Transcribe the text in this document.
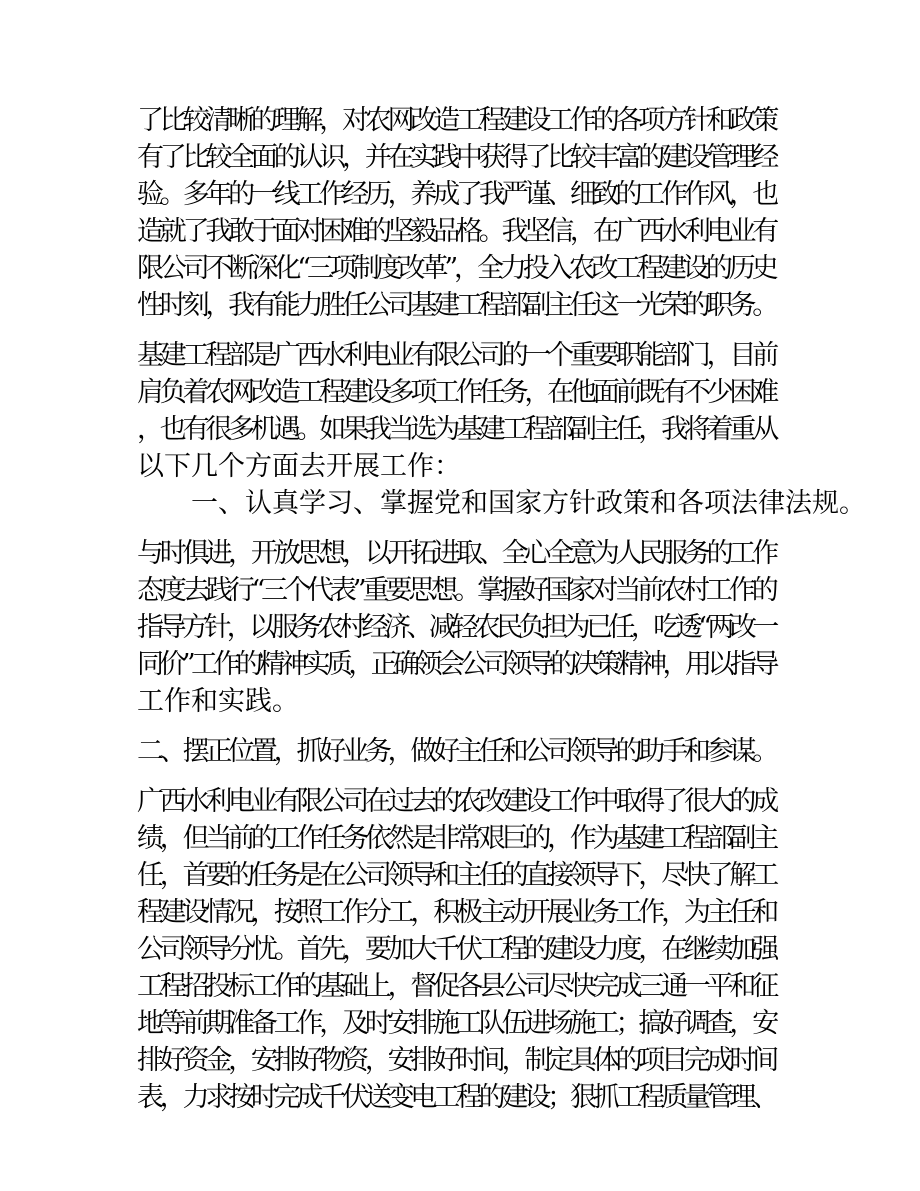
了比较清晰的理解，对农网改造工程建设工作的各项方针和政策
有了比较全面的认识，并在实践中获得了比较丰富的建设管理经
验。多年的一线工作经历，养成了我严谨、细致的工作作风，也
造就了我敢于面对困难的坚毅品格。我坚信，在广西水利电业有
限公司不断深化“三项制度改革”，全力投入农改工程建设的历史
性时刻，我有能力胜任公司基建工程部副主任这一光荣的职务。
基建工程部是广西水利电业有限公司的一个重要职能部门，目前
肩负着农网改造工程建设多项工作任务，在他面前既有不少困难
，也有很多机遇。如果我当选为基建工程部副主任，我将着重从
以下几个方面去开展工作：
一、认真学习、掌握党和国家方针政策和各项法律法规。
与时俱进，开放思想，以开拓进取、全心全意为人民服务的工作
态度去践行“三个代表”重要思想。掌握好国家对当前农村工作的
指导方针，以服务农村经济、减轻农民负担为已任，吃透“两改一
同价”工作的精神实质，正确领会公司领导的决策精神，用以指导
工作和实践。
二、摆正位置，抓好业务，做好主任和公司领导的助手和参谋。
广西水利电业有限公司在过去的农改建设工作中取得了很大的成
绩，但当前的工作任务依然是非常艰巨的，作为基建工程部副主
任，首要的任务是在公司领导和主任的直接领导下，尽快了解工
程建设情况，按照工作分工，积极主动开展业务工作，为主任和
公司领导分忧。首先，要加大千伏工程的建设力度，在继续加强
工程招投标工作的基础上，督促各县公司尽快完成三通一平和征
地等前期准备工作，及时安排施工队伍进场施工；搞好调查，安
排好资金，安排好物资，安排好时间，制定具体的项目完成时间
表，力求按时完成千伏送变电工程的建设；狠抓工程质量管理、
